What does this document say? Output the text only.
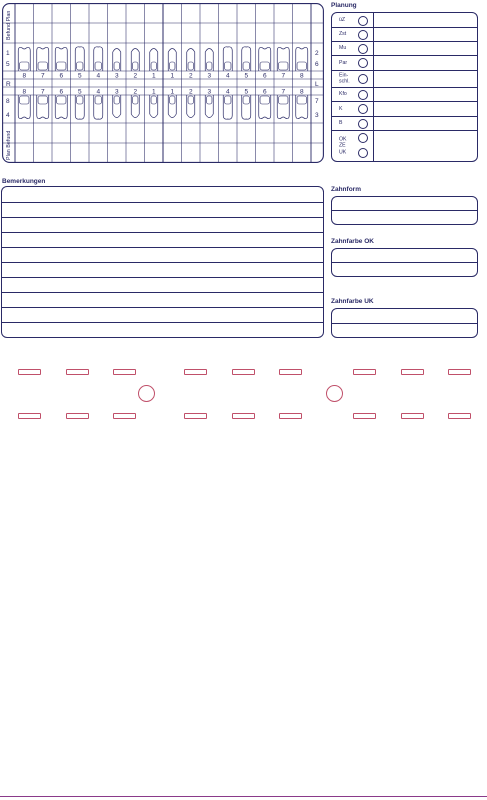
8
8
7
7
6
6
5
5
4
4
3
3
2
2
1
1
1
1
2
2
3
3
4
4
5
5
6
6
7
7
8
8
Befund Plan
Plan Befund
1
5
2
6
R	L
8
4
7
3
Planung
üZ
Zst
Mu
Par
Ein-
schl.
Kfo
K
B
OK
ZE
UK
Bemerkungen
Zahnform
Zahnfarbe OK
Zahnfarbe UK
